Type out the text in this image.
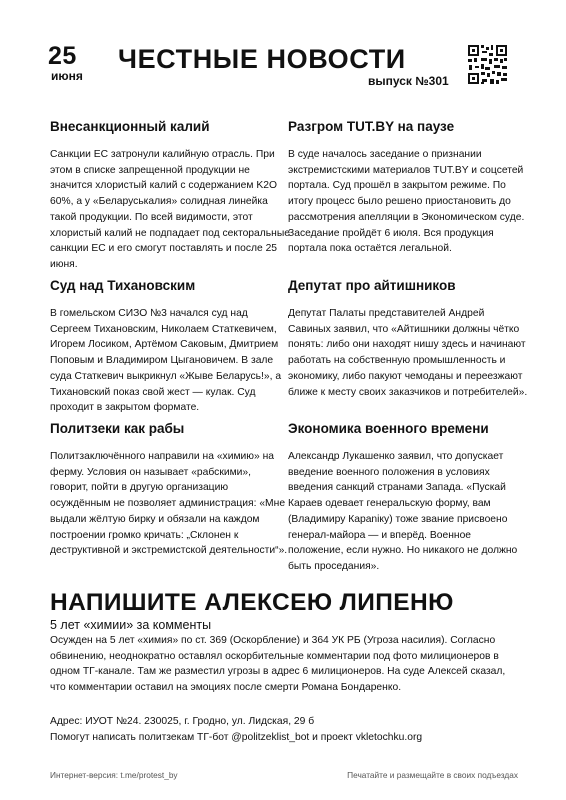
25
июня
ЧЕСТНЫЕ НОВОСТИ
выпуск №301
Внесанкционный калий

Санкции ЕС затронули калийную отрасль. При этом в списке запрещенной продукции не значится хлористый калий с содержанием K2O 60%, а у «Беларуськалия» солидная линейка такой продукции. По всей видимости, этот хлористый калий не подпадает под секторальные санкции ЕС и его смогут поставлять и после 25 июня.

Разгром TUT.BY на паузе

В суде началось заседание о признании экстремистскими материалов TUT.BY и соцсетей портала. Суд прошёл в закрытом режиме. По итогу процесс было решено приостановить до рассмотрения апелляции в Экономическом суде. Заседание пройдёт 6 июля. Вся продукция портала пока остаётся легальной.

Суд над Тихановским

В гомельском СИЗО №3 начался суд над Сергеем Тихановским, Николаем Статкевичем, Игорем Лосиком, Артёмом Саковым, Дмитрием Поповым и Владимиром Цыгановичем. В зале суда Статкевич выкрикнул «Жыве Беларусь!», а Тихановский показ свой жест — кулак. Суд проходит в закрытом формате.

Депутат про айтишников

Депутат Палаты представителей Андрей Савиных заявил, что «Айтишники должны чётко понять: либо они находят нишу здесь и начинают работать на собственную промышленность и экономику, либо пакуют чемоданы и переезжают ближе к месту своих заказчиков и потребителей».

Политзеки как рабы

Политзаключённого направили на «химию» на ферму. Условия он называет «рабскими», говорит, пойти в другую организацию осуждённым не позволяет администрация: «Мне выдали жёлтую бирку и обязали на каждом построении громко кричать: „Склонен к деструктивной и экстремистской деятельности“».

Экономика военного времени

Александр Лукашенко заявил, что допускает введение военного положения в условиях введения санкций странами Запада. «Пускай Караев одевает генеральскую форму, вам (Владимиру Караniку) тоже звание присвоено генерал-майора — и вперёд. Военное положение, если нужно. Но никакого не должно быть проседания».

НАПИШИТЕ АЛЕКСЕЮ ЛИПЕНЮ
5 лет «химии» за комменты
Осужден на 5 лет «химия» по ст. 369 (Оскорбление) и 364 УК РБ (Угроза насилия). Согласно обвинению, неоднократно оставлял оскорбительные комментарии под фото милиционеров в одном ТГ-канале. Там же разместил угрозы в адрес 6 милиционеров. На суде Алексей сказал, что комментарии оставил на эмоциях после смерти Романа Бондаренко.
Адрес: ИУОТ №24. 230025, г. Гродно, ул. Лидская, 29 б
Помогут написать политзекам ТГ-бот @politzeklist_bot и проект vkletochku.org
Интернет-версия: t.me/protest_by	Печатайте и размещайте в своих подъездах
